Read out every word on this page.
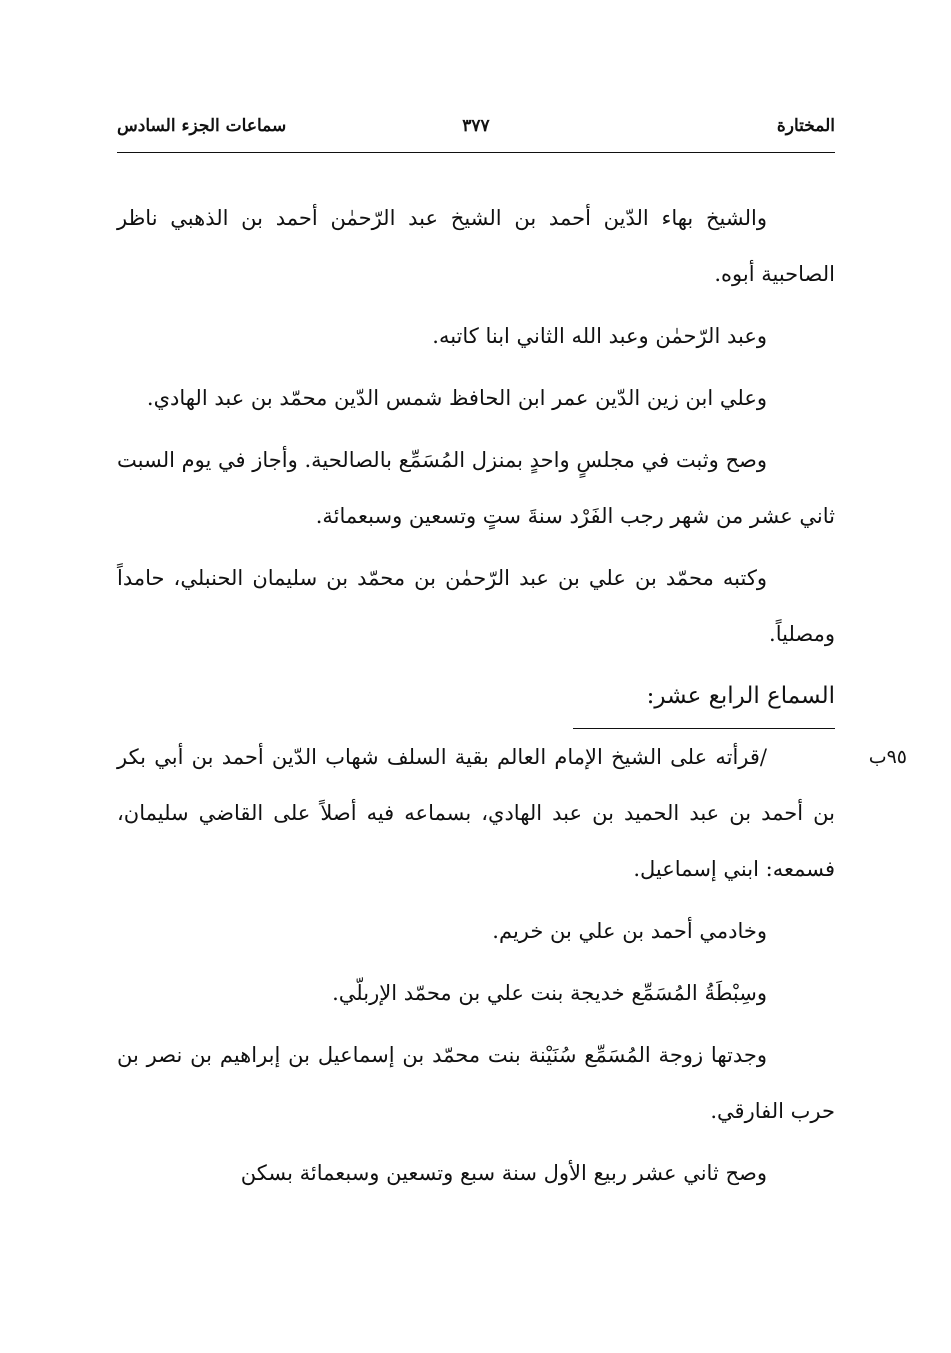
المختارة
٣٧٧
سماعات الجزء السادس

والشيخ بهاء الدّين أحمد بن الشيخ عبد الرّحمٰن أحمد بن الذهبي ناظر الصاحبية أبوه.

وعبد الرّحمٰن وعبد الله الثاني ابنا كاتبه.

وعلي ابن زين الدّين عمر ابن الحافظ شمس الدّين محمّد بن عبد الهادي.

وصح وثبت في مجلسٍ واحدٍ بمنزل المُسَمِّع بالصالحية. وأجاز في يوم السبت ثاني عشر من شهر رجب الفَرْد سنةَ ستٍ وتسعين وسبعمائة.

وكتبه محمّد بن علي بن عبد الرّحمٰن بن محمّد بن سليمان الحنبلي، حامداً ومصلياً.

السماع الرابع عشر:
٩٥ب

/قرأته على الشيخ الإمام العالم بقية السلف شهاب الدّين أحمد بن أبي بكر بن أحمد بن عبد الحميد بن عبد الهادي، بسماعه فيه أصلاً على القاضي سليمان، فسمعه: ابني إسماعيل.

وخادمي أحمد بن علي بن خريم.

وسِبْطَةُ المُسَمِّع خديجة بنت علي بن محمّد الإربلّي.

وجدتها زوجة المُسَمِّع سُنَيْنة بنت محمّد بن إسماعيل بن إبراهيم بن نصر بن حرب الفارقي.

وصح ثاني عشر ربيع الأول سنة سبع وتسعين وسبعمائة بسكن
